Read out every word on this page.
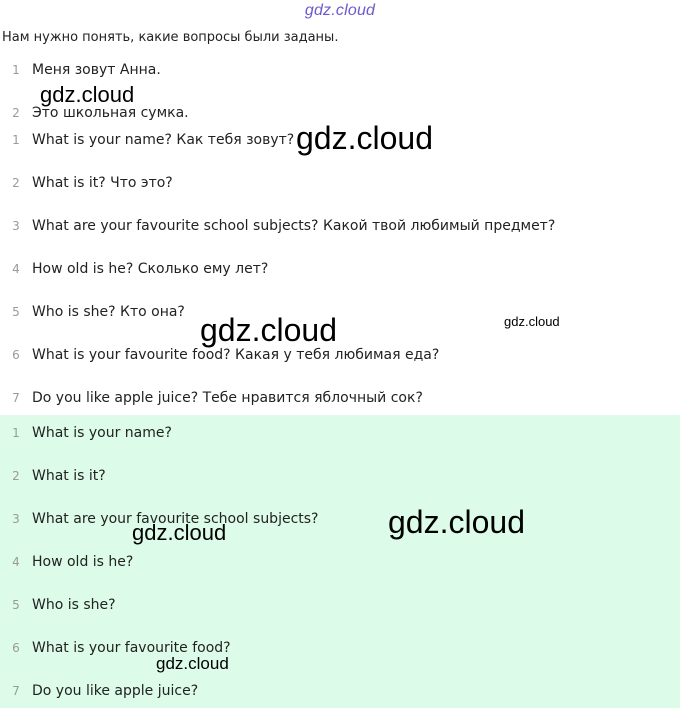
gdz.cloud
Нам нужно понять, какие вопросы были заданы.
1 Меня зовут Анна.
2 Это школьная сумка.
1 What is your name? Как тебя зовут?
2 What is it? Что это?
3 What are your favourite school subjects? Какой твой любимый предмет?
4 How old is he? Сколько ему лет?
5 Who is she? Кто она?
6 What is your favourite food? Какая у тебя любимая еда?
7 Do you like apple juice? Тебе нравится яблочный сок?
1 What is your name?
2 What is it?
3 What are your favourite school subjects?
4 How old is he?
5 Who is she?
6 What is your favourite food?
7 Do you like apple juice?
gdz.cloud
gdz.cloud
gdz.cloud	gdz.cloud
gdz.cloud
gdz.cloud
gdz.cloud
